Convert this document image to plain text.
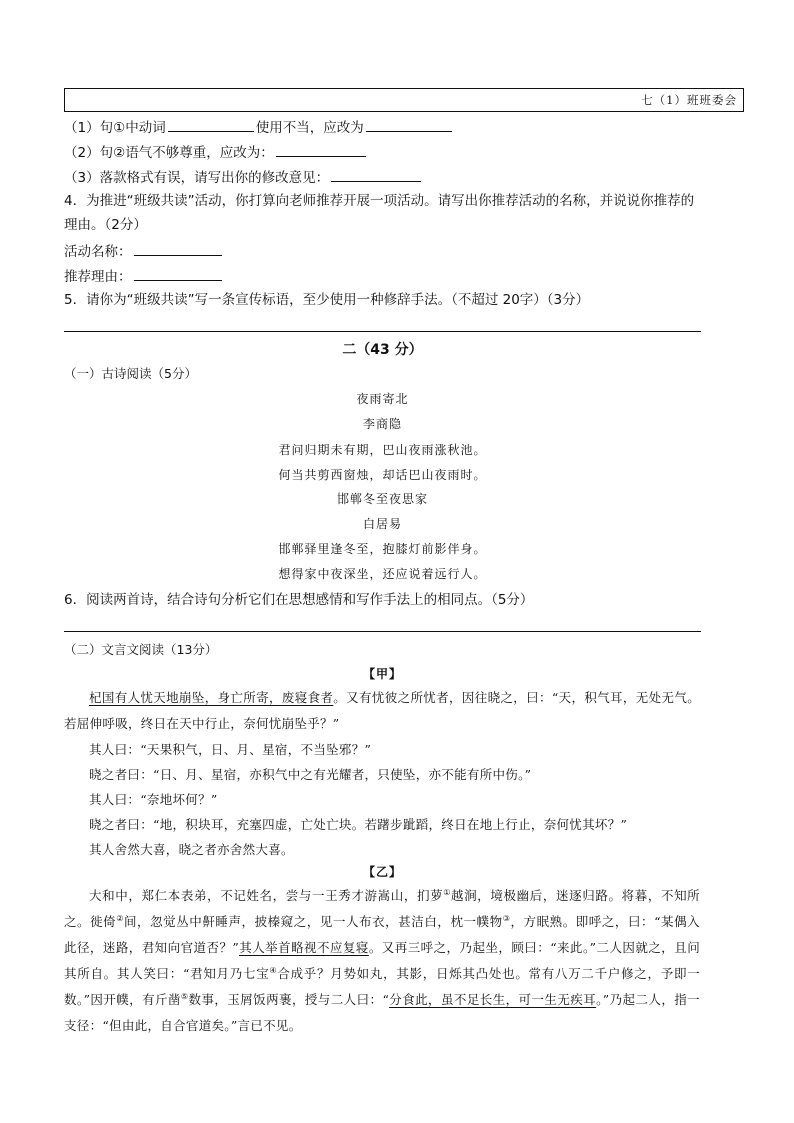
七（1）班班委会
（1）句①中动词	使用不当，应改为
（2）句②语气不够尊重，应改为：
（3）落款格式有误，请写出你的修改意见：
4．为推进“班级共读”活动，你打算向老师推荐开展一项活动。请写出你推荐活动的名称，并说说你推荐的
理由。（2分）
活动名称：
推荐理由：
5．请你为“班级共读”写一条宣传标语，至少使用一种修辞手法。（不超过 20字）（3分）
二（43 分）
（一）古诗阅读（5分）
夜雨寄北
李商隐
君问归期未有期，巴山夜雨涨秋池。
何当共剪西窗烛，却话巴山夜雨时。
邯郸冬至夜思家
白居易
邯郸驿里逢冬至，抱膝灯前影伴身。
想得家中夜深坐，还应说着远行人。
6．阅读两首诗，结合诗句分析它们在思想感情和写作手法上的相同点。（5分）
（二）文言文阅读（13分）
【甲】
杞国有人忧天地崩坠，身亡所寄，废寝食者。又有忧彼之所忧者，因往晓之，曰：“天，积气耳，无处无气。若屈伸呼吸，终日在天中行止，奈何忧崩坠乎？”
其人曰：“天果积气，日、月、星宿，不当坠邪？”
晓之者曰：“日、月、星宿，亦积气中之有光耀者，只使坠，亦不能有所中伤。”
其人曰：“奈地坏何？”
晓之者曰：“地，积块耳，充塞四虚，亡处亡块。若躇步跐蹈，终日在地上行止，奈何忧其坏？”
其人舍然大喜，晓之者亦舍然大喜。
【乙】
大和中，郑仁本表弟，不记姓名，尝与一王秀才游嵩山，扪萝①越涧，境极幽后，迷逐归路。将暮，不知所之。徙倚②间，忽觉丛中鼾睡声，披榛窥之，见一人布衣，甚洁白，枕一幞物③，方眠熟。即呼之，曰：“某偶入此径，迷路，君知向官道否？”其人举首略视不应复寝。又再三呼之，乃起坐，顾曰：“来此。”二人因就之，且问其所自。其人笑曰：“君知月乃七宝④合成乎？月势如丸，其影，日烁其凸处也。常有八万二千户修之，予即一数。”因开幞，有斤凿⑤数事，玉屑饭两裹，授与二人曰：“分食此，虽不足长生，可一生无疾耳。”乃起二人，指一支径：“但由此，自合官道矣。”言已不见。
